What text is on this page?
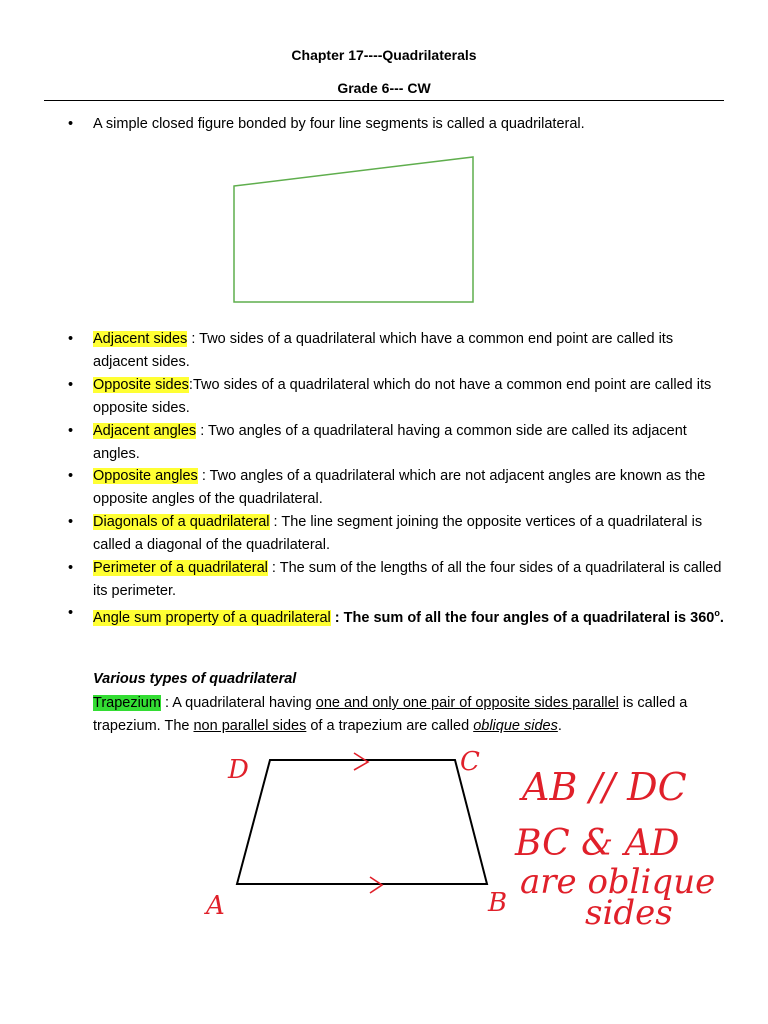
Chapter 17----Quadrilaterals
Grade 6--- CW
• A simple closed figure bonded by four line segments is called a quadrilateral.
D	C
A	B
AB // DC
BC & AD
are oblique
sides
• Adjacent sides : Two sides of a quadrilateral which have a common end point are called its adjacent sides.
• Opposite sides:Two sides of a quadrilateral which do not have a common end point are called its opposite sides.
• Adjacent angles : Two angles of a quadrilateral having a common side are called its adjacent angles.
• Opposite angles : Two angles of a quadrilateral which are not adjacent angles are known as the opposite angles of the quadrilateral.
• Diagonals of a quadrilateral : The line segment joining the opposite vertices of a quadrilateral is called a diagonal of the quadrilateral.
• Perimeter of a quadrilateral : The sum of the lengths of all the four sides of a quadrilateral is called its perimeter.
• Angle sum property of a quadrilateral : The sum of all the four angles of a quadrilateral is 360$^o$.
Various types of quadrilateral
Trapezium : A quadrilateral having one and only one pair of opposite sides parallel is called a trapezium. The non parallel sides of a trapezium are called oblique sides.
